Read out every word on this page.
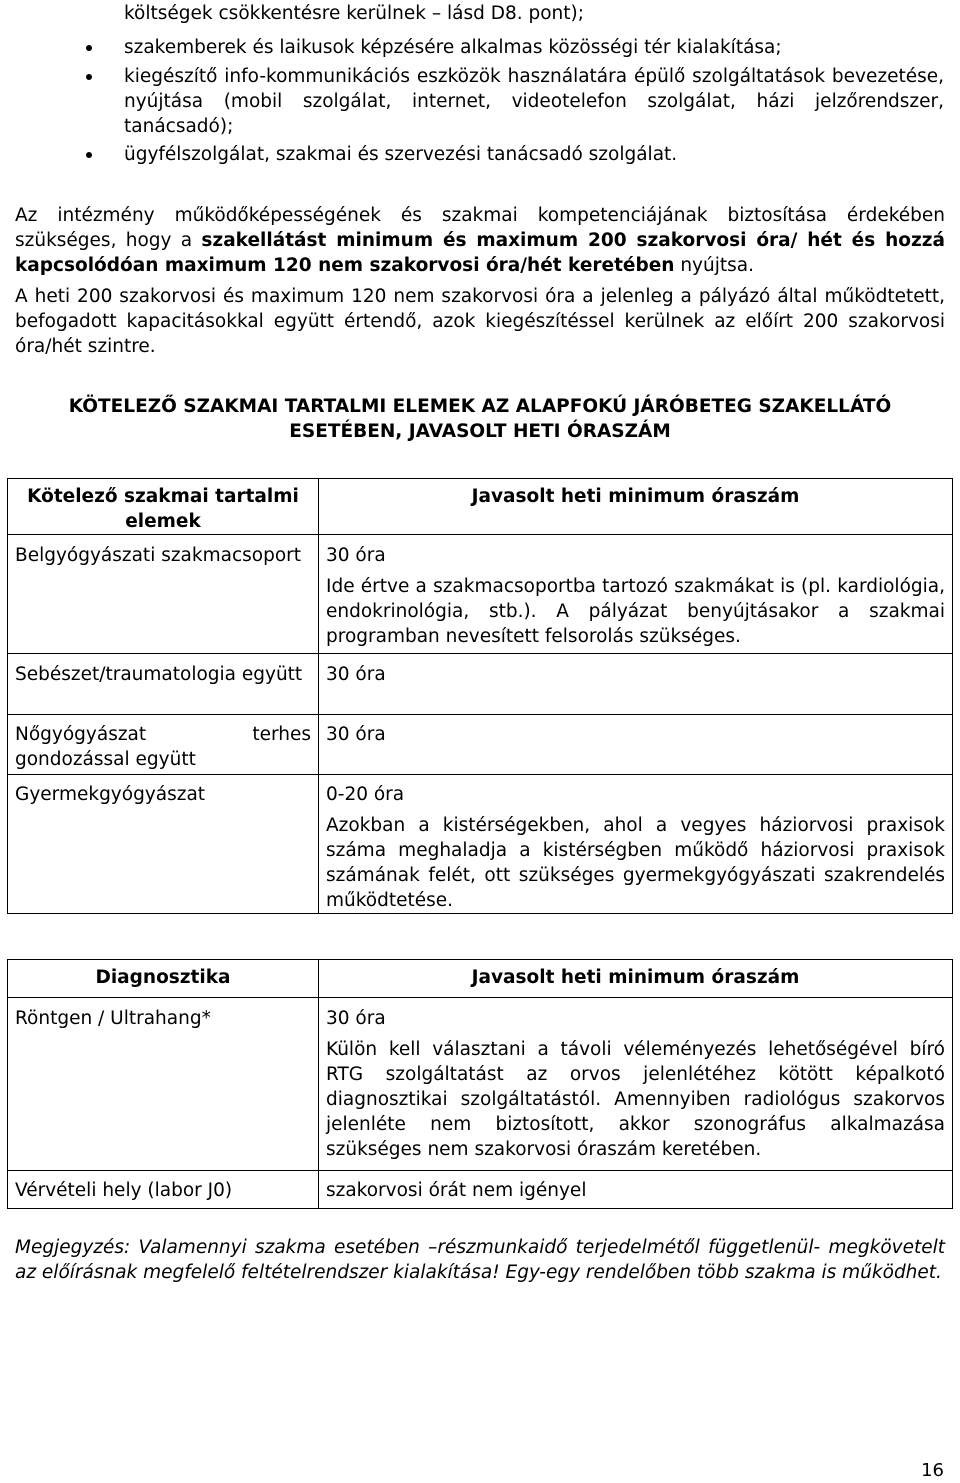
költségek csökkentésre kerülnek – lásd D8. pont);

szakemberek és laikusok képzésére alkalmas közösségi tér kialakítása;

kiegészítő info-kommunikációs eszközök használatára épülő szolgáltatások bevezetése, nyújtása (mobil szolgálat, internet, videotelefon szolgálat, házi jelzőrendszer, tanácsadó);

ügyfélszolgálat, szakmai és szervezési tanácsadó szolgálat.

Az intézmény működőképességének és szakmai kompetenciájának biztosítása érdekében szükséges, hogy a szakellátást minimum és maximum 200 szakorvosi óra/ hét és hozzá kapcsolódóan maximum 120 nem szakorvosi óra/hét keretében nyújtsa.

A heti 200 szakorvosi és maximum 120 nem szakorvosi óra a jelenleg a pályázó által működtetett, befogadott kapacitásokkal együtt értendő, azok kiegészítéssel kerülnek az előírt 200 szakorvosi óra/hét szintre.

KÖTELEZŐ SZAKMAI TARTALMI ELEMEK AZ ALAPFOKÚ JÁRÓBETEG SZAKELLÁTÓ
ESETÉBEN, JAVASOLT HETI ÓRASZÁM
Kötelező szakmai tartalmi elemek	Javasolt heti minimum óraszám
Belgyógyászati szakmacsoport	30 óra
Ide értve a szakmacsoportba tartozó szakmákat is (pl. kardiológia, endokrinológia, stb.). A pályázat benyújtásakor a szakmai programban nevesített felsorolás szükséges.

Sebészet/traumatologia együtt	30 óra
Nőgyógyászat terhes gondozással együtt	30 óra
Gyermekgyógyászat	0-20 óra
Azokban a kistérségekben, ahol a vegyes háziorvosi praxisok száma meghaladja a kistérségben működő háziorvosi praxisok számának felét, ott szükséges gyermekgyógyászati szakrendelés működtetése.
Diagnosztika	Javasolt heti minimum óraszám
Röntgen / Ultrahang*	30 óra
Külön kell választani a távoli véleményezés lehetőségével bíró RTG szolgáltatást az orvos jelenlétéhez kötött képalkotó diagnosztikai szolgáltatástól. Amennyiben radiológus szakorvos jelenléte nem biztosított, akkor szonográfus alkalmazása szükséges nem szakorvosi óraszám keretében.

Vérvételi hely (labor J0)	szakorvosi órát nem igényel

Megjegyzés: Valamennyi szakma esetében –részmunkaidő terjedelmétől függetlenül- megkövetelt az előírásnak megfelelő feltételrendszer kialakítása! Egy-egy rendelőben több szakma is működhet.

16
